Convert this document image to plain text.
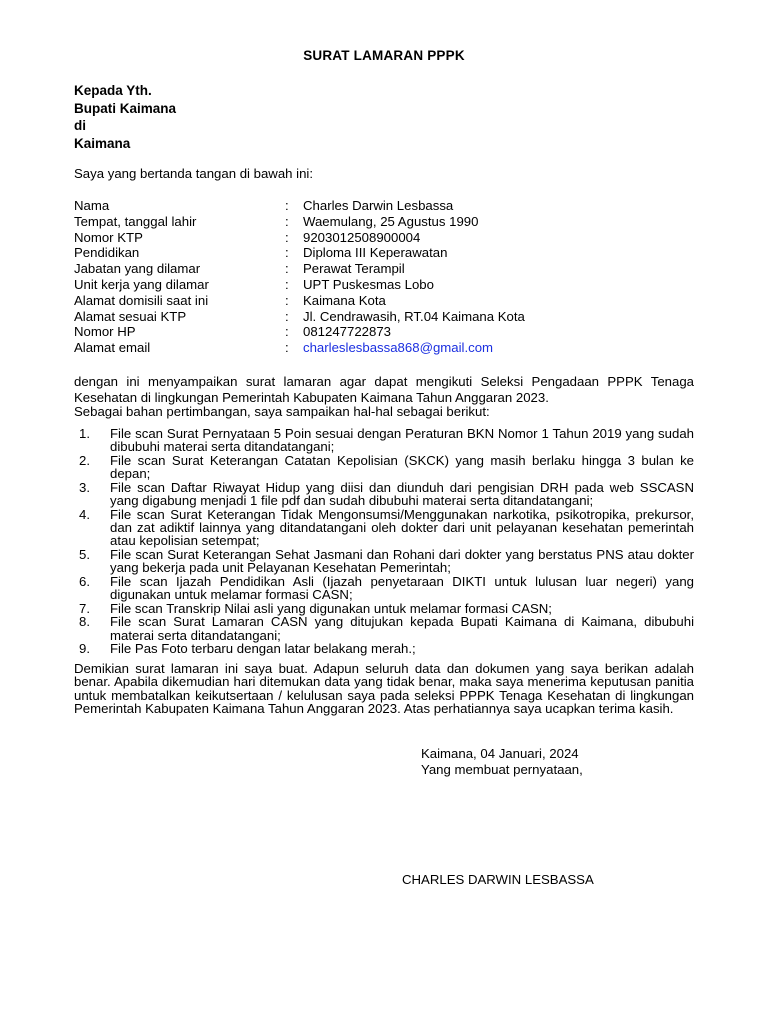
SURAT LAMARAN PPPK
Kepada Yth.
Bupati Kaimana
di
Kaimana
Saya yang bertanda tangan di bawah ini:
Nama	: Charles Darwin Lesbassa
Tempat, tanggal lahir	: Waemulang, 25 Agustus 1990
Nomor KTP	: 9203012508900004
Pendidikan	: Diploma III Keperawatan
Jabatan yang dilamar	: Perawat Terampil
Unit kerja yang dilamar	: UPT Puskesmas Lobo
Alamat domisili saat ini	: Kaimana Kota
Alamat sesuai KTP	: Jl. Cendrawasih, RT.04 Kaimana Kota
Nomor HP	: 081247722873
Alamat email	: charleslesbassa868@gmail.com
dengan ini menyampaikan surat lamaran agar dapat mengikuti Seleksi Pengadaan PPPK Tenaga Kesehatan di lingkungan Pemerintah Kabupaten Kaimana Tahun Anggaran 2023.
Sebagai bahan pertimbangan, saya sampaikan hal-hal sebagai berikut:
1. File scan Surat Pernyataan 5 Poin sesuai dengan Peraturan BKN Nomor 1 Tahun 2019 yang sudah dibubuhi materai serta ditandatangani;
2. File scan Surat Keterangan Catatan Kepolisian (SKCK) yang masih berlaku hingga 3 bulan ke depan;
3. File scan Daftar Riwayat Hidup yang diisi dan diunduh dari pengisian DRH pada web SSCASN yang digabung menjadi 1 file pdf dan sudah dibubuhi materai serta ditandatangani;
4. File scan Surat Keterangan Tidak Mengonsumsi/Menggunakan narkotika, psikotropika, prekursor, dan zat adiktif lainnya yang ditandatangani oleh dokter dari unit pelayanan kesehatan pemerintah atau kepolisian setempat;
5. File scan Surat Keterangan Sehat Jasmani dan Rohani dari dokter yang berstatus PNS atau dokter yang bekerja pada unit Pelayanan Kesehatan Pemerintah;
6. File scan Ijazah Pendidikan Asli (Ijazah penyetaraan DIKTI untuk lulusan luar negeri) yang digunakan untuk melamar formasi CASN;
7. File scan Transkrip Nilai asli yang digunakan untuk melamar formasi CASN;
8. File scan Surat Lamaran CASN yang ditujukan kepada Bupati Kaimana di Kaimana, dibubuhi materai serta ditandatangani;
9. File Pas Foto terbaru dengan latar belakang merah.;
Demikian surat lamaran ini saya buat. Adapun seluruh data dan dokumen yang saya berikan adalah benar. Apabila dikemudian hari ditemukan data yang tidak benar, maka saya menerima keputusan panitia untuk membatalkan keikutsertaan / kelulusan saya pada seleksi PPPK Tenaga Kesehatan di lingkungan Pemerintah Kabupaten Kaimana Tahun Anggaran 2023. Atas perhatiannya saya ucapkan terima kasih.
Kaimana, 04 Januari, 2024
Yang membuat pernyataan,
CHARLES DARWIN LESBASSA
